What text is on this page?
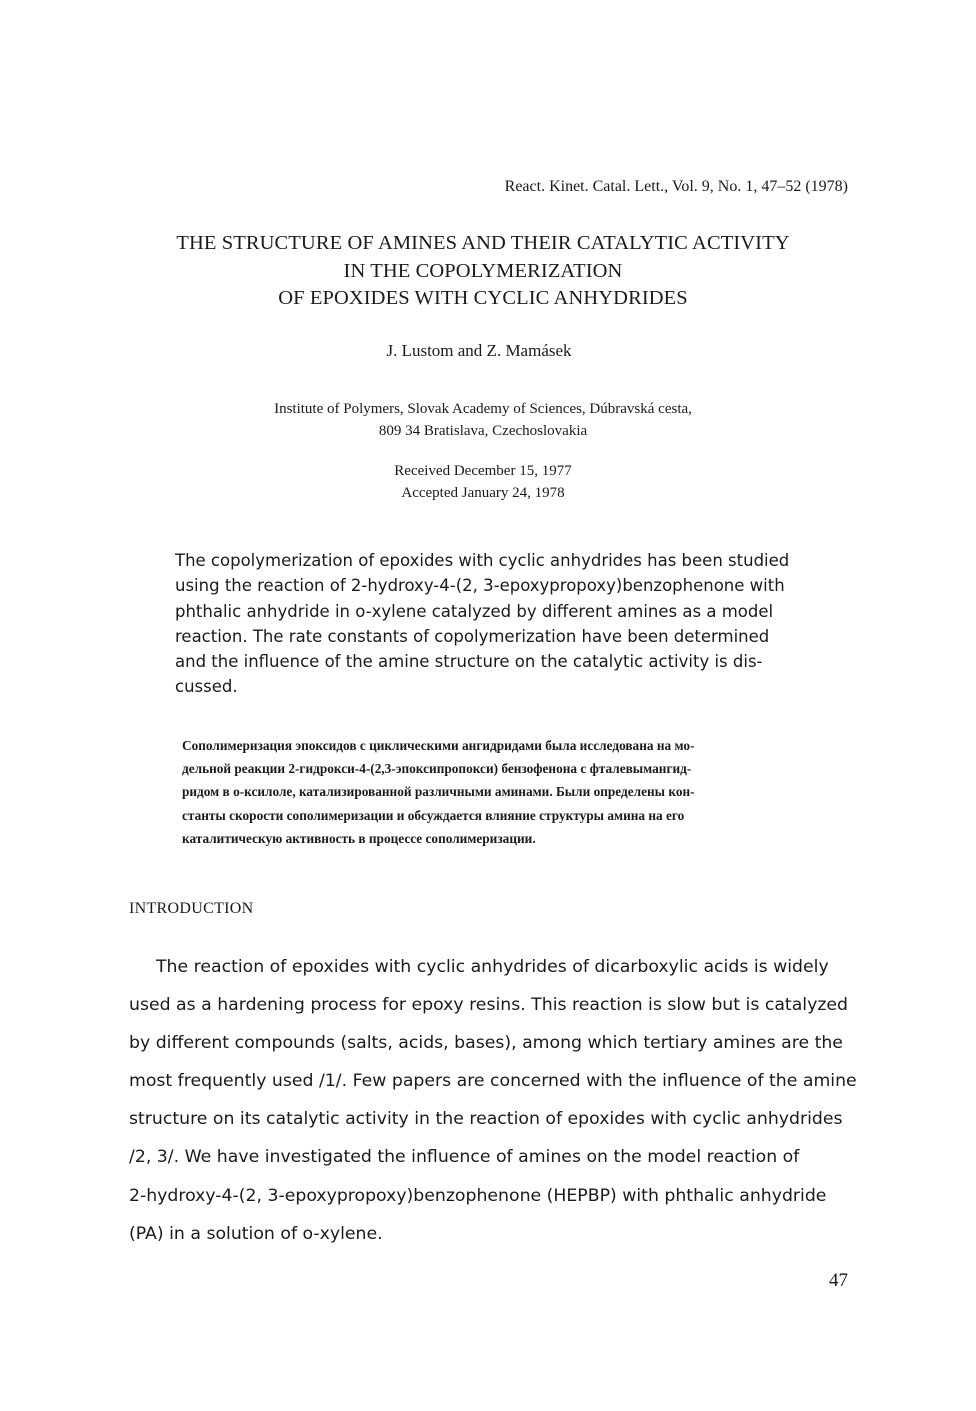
React. Kinet. Catal. Lett., Vol. 9, No. 1, 47–52 (1978)
THE STRUCTURE OF AMINES AND THEIR CATALYTIC ACTIVITY
IN THE COPOLYMERIZATION
OF EPOXIDES WITH CYCLIC ANHYDRIDES
J. Lustom and Z. Mamásek
Institute of Polymers, Slovak Academy of Sciences, Dúbravská cesta,
809 34 Bratislava, Czechoslovakia
Received December 15, 1977
Accepted January 24, 1978
The copolymerization of epoxides with cyclic anhydrides has been studied
using the reaction of 2-hydroxy-4-(2, 3-epoxypropoxy)benzophenone with
phthalic anhydride in o-xylene catalyzed by different amines as a model
reaction. The rate constants of copolymerization have been determined
and the influence of the amine structure on the catalytic activity is dis-
cussed.
Сополимеризация эпоксидов с циклическими ангидридами была исследована на мо-
дельной реакции 2-гидрокси-4-(2,3-эпоксипропокси) бензофенона с фталевымангид-
ридом в о-ксилоле, катализированной различными аминами. Были определены кон-
станты скорости сополимеризации и обсуждается влияние структуры амина на его
каталитическую активность в процессе сополимеризации.
INTRODUCTION
The reaction of epoxides with cyclic anhydrides of dicarboxylic acids is widely
used as a hardening process for epoxy resins. This reaction is slow but is catalyzed
by different compounds (salts, acids, bases), among which tertiary amines are the
most frequently used /1/. Few papers are concerned with the influence of the amine
structure on its catalytic activity in the reaction of epoxides with cyclic anhydrides
/2, 3/. We have investigated the influence of amines on the model reaction of
2-hydroxy-4-(2, 3-epoxypropoxy)benzophenone (HEPBP) with phthalic anhydride
(PA) in a solution of o-xylene.
47
